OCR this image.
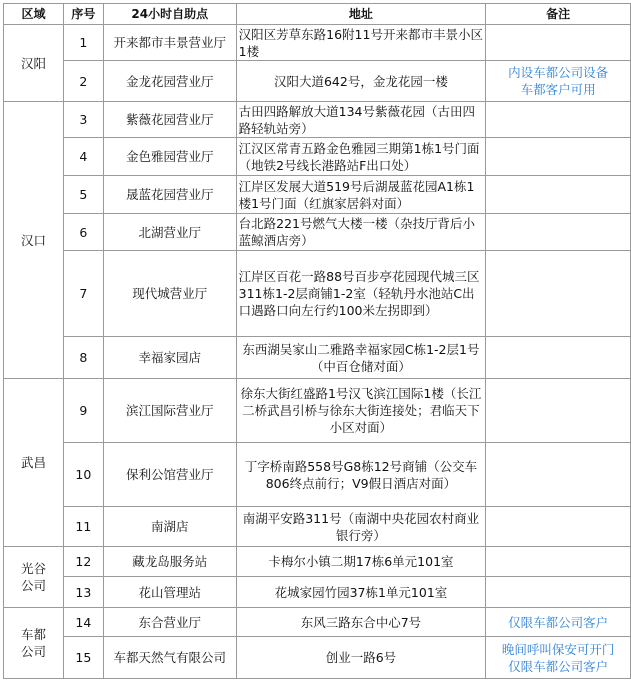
区域	序号	24小时自助点	地址	备注
汉阳	1	开来都市丰景营业厅	汉阳区芳草东路16附11号开来都市丰景小区1楼	
	2	金龙花园营业厅	汉阳大道642号，金龙花园一楼	内设车都公司设备
车都客户可用

汉口	3	紫薇花园营业厅	古田四路解放大道134号紫薇花园（古田四路轻轨站旁）	
	4	金色雅园营业厅	江汉区常青五路金色雅园三期第1栋1号门面（地铁2号线长港路站F出口处）	
	5	晟蓝花园营业厅	江岸区发展大道519号后湖晟蓝花园A1栋1楼1号门面（红旗家居斜对面）	
	6	北湖营业厅	台北路221号燃气大楼一楼（杂技厅背后小蓝鲸酒店旁）	
	7	现代城营业厅	江岸区百花一路88号百步亭花园现代城三区311栋1-2层商铺1-2室（轻轨丹水池站C出口遇路口向左行约100米左拐即到）	
	8	幸福家园店	东西湖吴家山二雅路幸福家园C栋1-2层1号（中百仓储对面）	
武昌	9	滨江国际营业厅	徐东大街红盛路1号汉飞滨江国际1楼（长江二桥武昌引桥与徐东大街连接处；君临天下小区对面）	
	10	保利公馆营业厅	丁字桥南路558号G8栋12号商铺（公交车806终点前行；V9假日酒店对面）	
	11	南湖店	南湖平安路311号（南湖中央花园农村商业银行旁）	
光谷
公司	12	藏龙岛服务站	卡梅尔小镇二期17栋6单元101室	
	13	花山管理站	花城家园竹园37栋1单元101室	
车都
公司	14	东合营业厅	东风三路东合中心7号	仅限车都公司客户
	15	车都天然气有限公司	创业一路6号	晚间呼叫保安可开门
仅限车都公司客户
